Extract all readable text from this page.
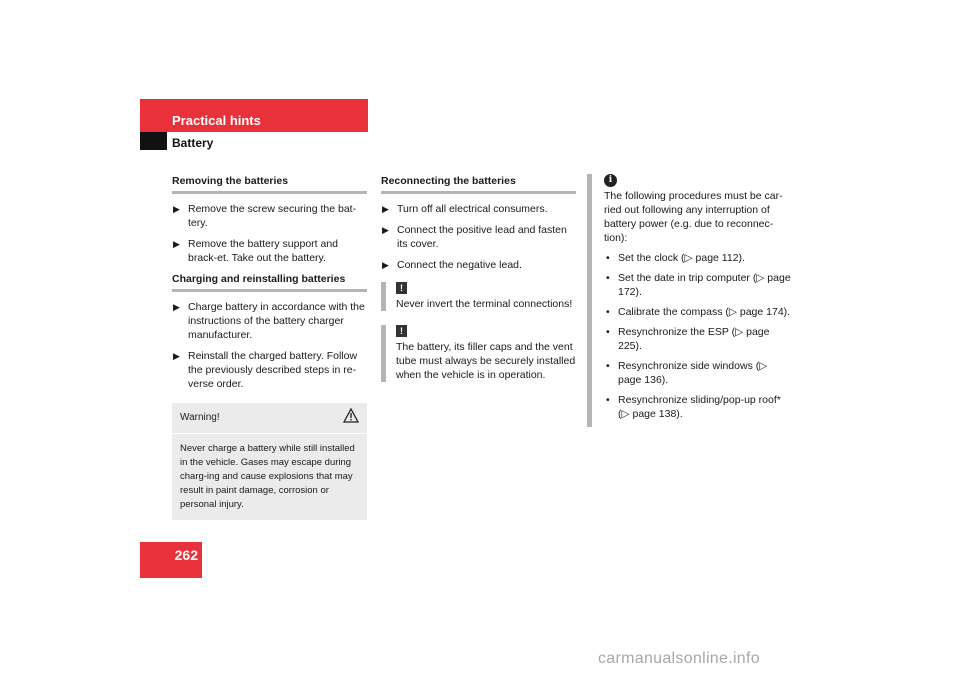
Practical hints
Battery
Removing the batteries
▶ Remove the screw securing the bat-tery.
▶ Remove the battery support and brack-et. Take out the battery.
Charging and reinstalling batteries
▶ Charge battery in accordance with the instructions of the battery charger manufacturer.
▶ Reinstall the charged battery. Follow the previously described steps in re-verse order.
Warning!
Never charge a battery while still installed in the vehicle. Gases may escape during charg-ing and cause explosions that may result in paint damage, corrosion or personal injury.
Reconnecting the batteries
▶ Turn off all electrical consumers.
▶ Connect the positive lead and fasten its cover.
▶ Connect the negative lead.
!
Never invert the terminal connections!
!
The battery, its filler caps and the vent tube must always be securely installed when the vehicle is in operation.
i
The following procedures must be car-ried out following any interruption of battery power (e.g. due to reconnec-tion):
• Set the clock (▷ page 112).
• Set the date in trip computer (▷ page 172).
• Calibrate the compass (▷ page 174).
• Resynchronize the ESP (▷ page 225).
• Resynchronize side windows (▷ page 136).
• Resynchronize sliding/pop-up roof*(▷ page 138).
262
carmanualsonline.info
